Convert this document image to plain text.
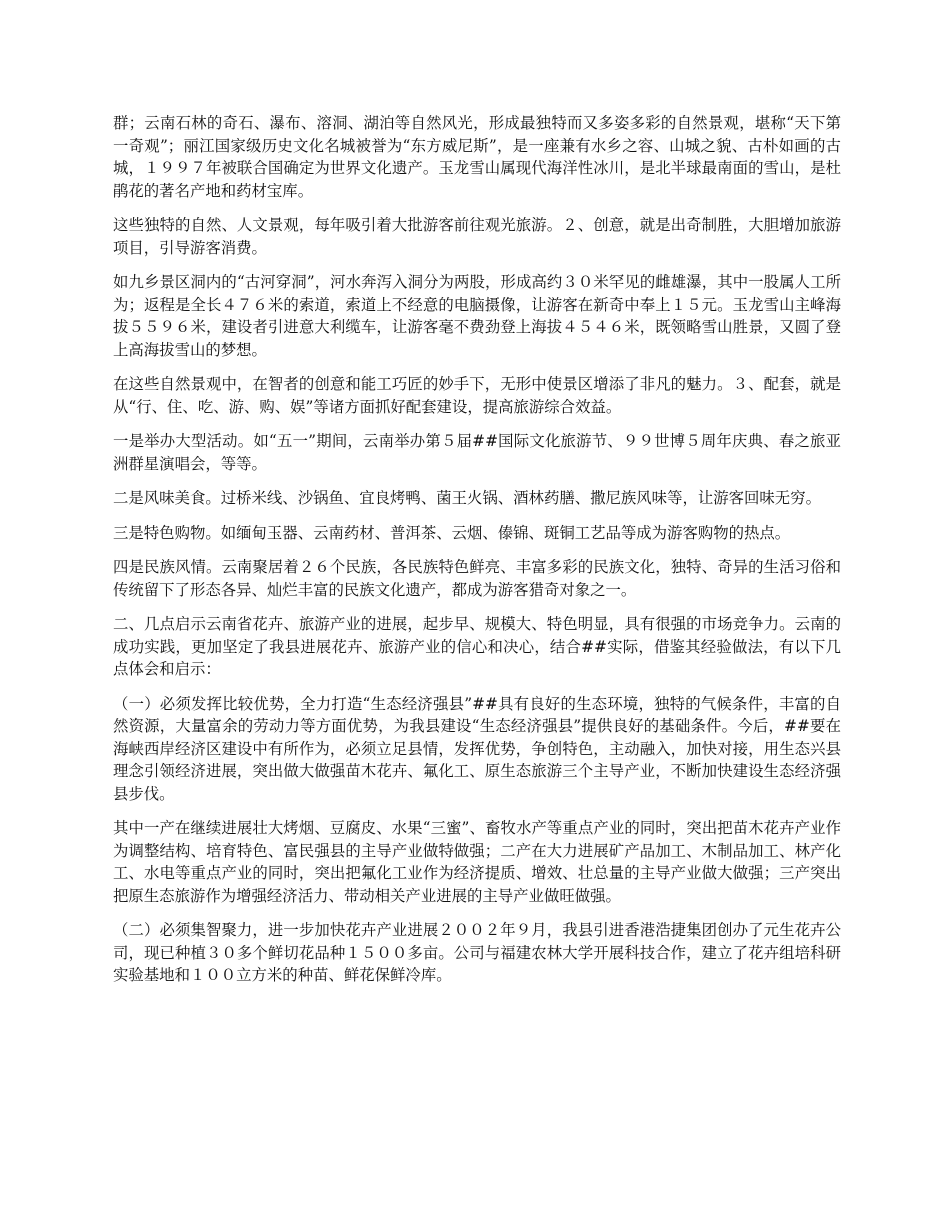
群；云南石林的奇石、瀑布、溶洞、湖泊等自然风光，形成最独特而又多姿多彩的自然景观，堪称“天下第一奇观”；丽江国家级历史文化名城被誉为“东方威尼斯”，是一座兼有水乡之容、山城之貌、古朴如画的古城，１９９７年被联合国确定为世界文化遗产。玉龙雪山属现代海洋性冰川，是北半球最南面的雪山，是杜鹃花的著名产地和药材宝库。

这些独特的自然、人文景观，每年吸引着大批游客前往观光旅游。２、创意，就是出奇制胜，大胆增加旅游项目，引导游客消费。

如九乡景区洞内的“古河穿洞”，河水奔泻入洞分为两股，形成高约３０米罕见的雌雄瀑，其中一股属人工所为；返程是全长４７６米的索道，索道上不经意的电脑摄像，让游客在新奇中奉上１５元。玉龙雪山主峰海拔５５９６米，建设者引进意大利缆车，让游客毫不费劲登上海拔４５４６米，既领略雪山胜景，又圆了登上高海拔雪山的梦想。

在这些自然景观中，在智者的创意和能工巧匠的妙手下，无形中使景区增添了非凡的魅力。３、配套，就是从“行、住、吃、游、购、娱”等诸方面抓好配套建设，提高旅游综合效益。

一是举办大型活动。如“五一”期间，云南举办第５届##国际文化旅游节、９９世博５周年庆典、春之旅亚洲群星演唱会，等等。

二是风味美食。过桥米线、沙锅鱼、宜良烤鸭、菌王火锅、酒林药膳、撒尼族风味等，让游客回味无穷。

三是特色购物。如缅甸玉器、云南药材、普洱茶、云烟、傣锦、斑铜工艺品等成为游客购物的热点。

四是民族风情。云南聚居着２６个民族，各民族特色鲜亮、丰富多彩的民族文化，独特、奇异的生活习俗和传统留下了形态各异、灿烂丰富的民族文化遗产，都成为游客猎奇对象之一。

二、几点启示云南省花卉、旅游产业的进展，起步早、规模大、特色明显，具有很强的市场竞争力。云南的成功实践，更加坚定了我县进展花卉、旅游产业的信心和决心，结合##实际，借鉴其经验做法，有以下几点体会和启示：

（一）必须发挥比较优势，全力打造“生态经济强县”##具有良好的生态环境，独特的气候条件，丰富的自然资源，大量富余的劳动力等方面优势，为我县建设“生态经济强县”提供良好的基础条件。今后，##要在海峡西岸经济区建设中有所作为，必须立足县情，发挥优势，争创特色，主动融入，加快对接，用生态兴县理念引领经济进展，突出做大做强苗木花卉、氟化工、原生态旅游三个主导产业，不断加快建设生态经济强县步伐。

其中一产在继续进展壮大烤烟、豆腐皮、水果“三蜜”、畜牧水产等重点产业的同时，突出把苗木花卉产业作为调整结构、培育特色、富民强县的主导产业做特做强；二产在大力进展矿产品加工、木制品加工、林产化工、水电等重点产业的同时，突出把氟化工业作为经济提质、增效、壮总量的主导产业做大做强；三产突出把原生态旅游作为增强经济活力、带动相关产业进展的主导产业做旺做强。

（二）必须集智聚力，进一步加快花卉产业进展２００２年９月，我县引进香港浩捷集团创办了元生花卉公司，现已种植３０多个鲜切花品种１５００多亩。公司与福建农林大学开展科技合作，建立了花卉组培科研实验基地和１００立方米的种苗、鲜花保鲜冷库。
